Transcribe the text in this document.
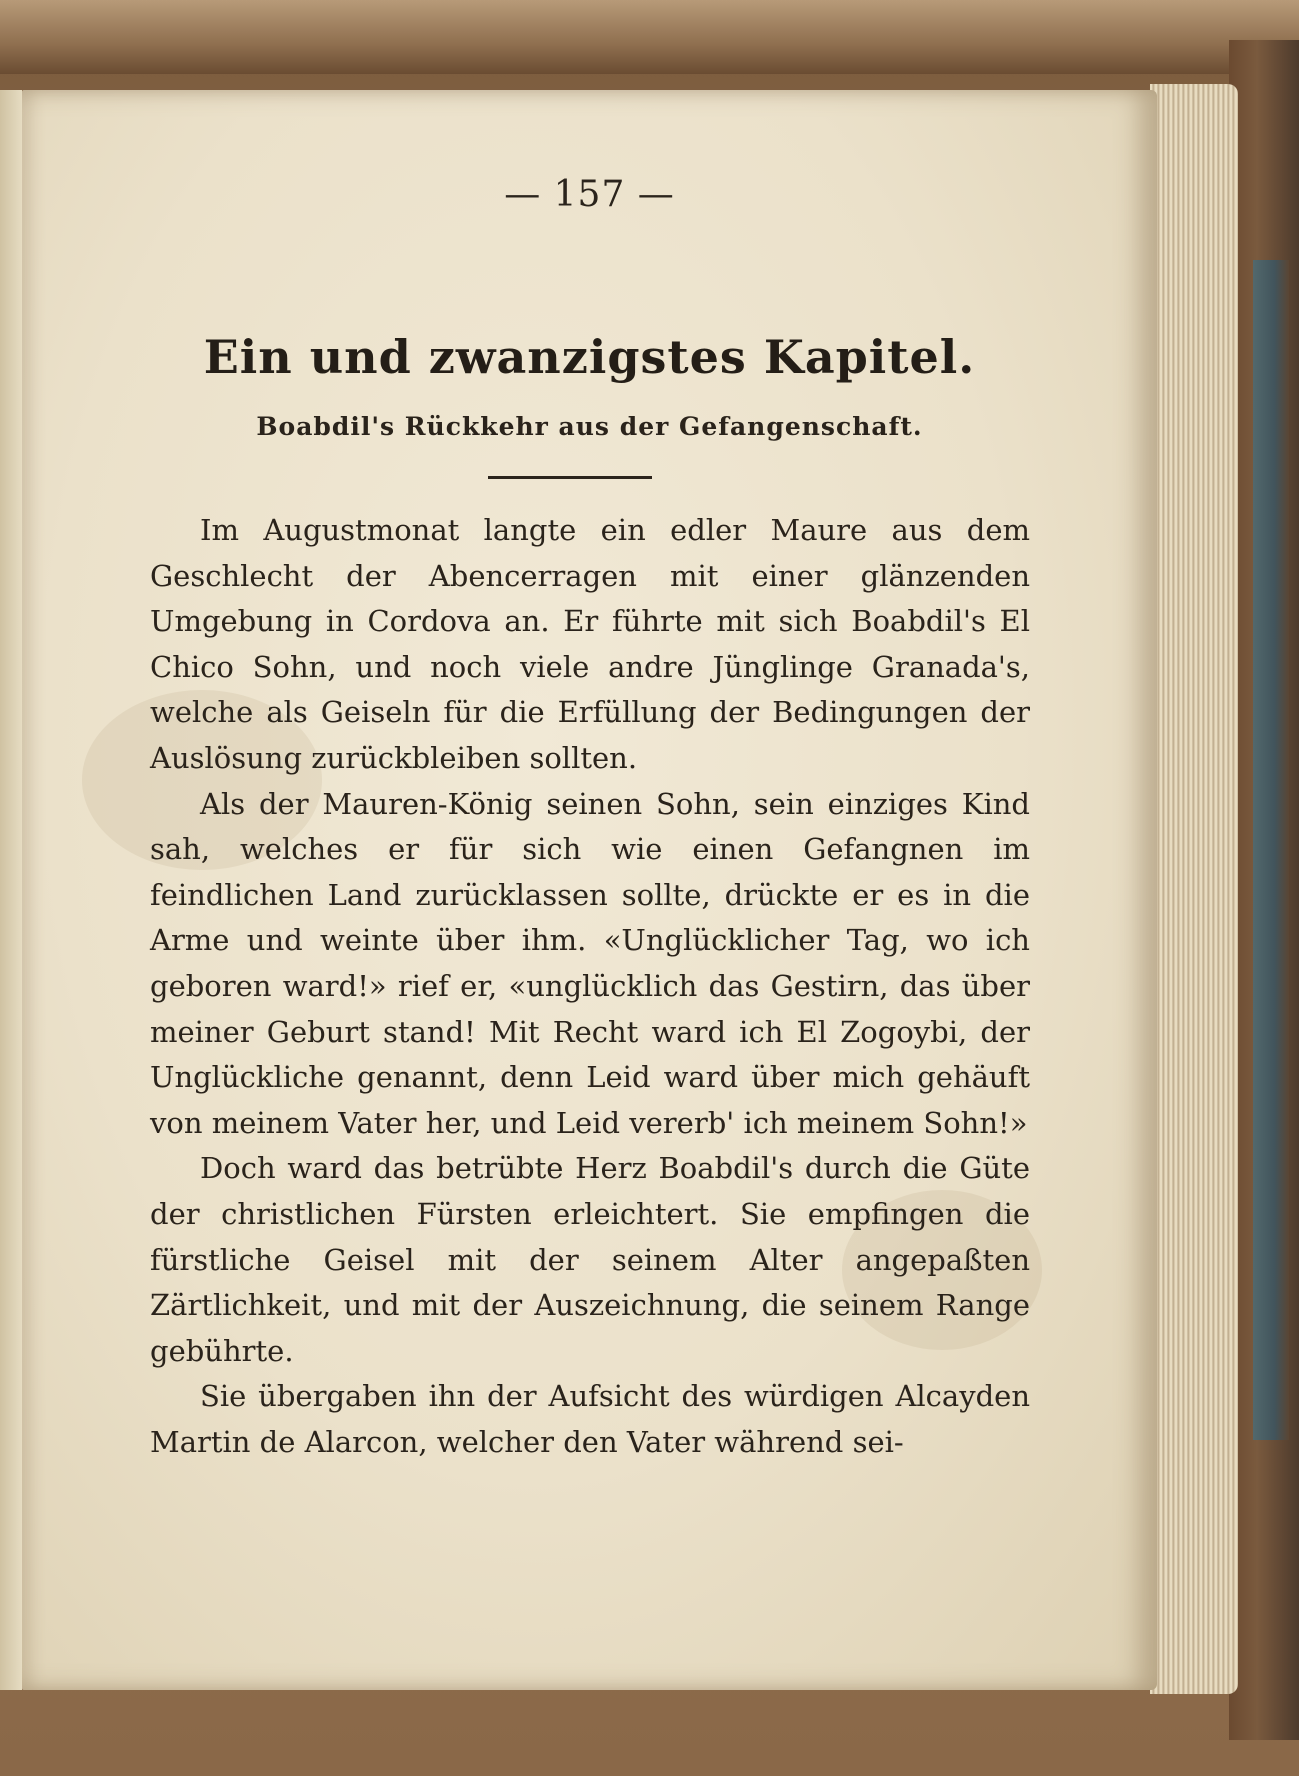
— 157 —
Ein und zwanzigstes Kapitel.
Boabdil's Rückkehr aus der Gefangenschaft.

Im Augustmonat langte ein edler Maure aus dem Geschlecht der Abencerragen mit einer glänzenden Umgebung in Cordova an. Er führte mit sich Boabdil's El Chico Sohn, und noch viele andre Jünglinge Granada's, welche als Geiseln für die Erfüllung der Bedingungen der Auslösung zurückbleiben sollten.

Als der Mauren-König seinen Sohn, sein einziges Kind sah, welches er für sich wie einen Gefangnen im feindlichen Land zurücklassen sollte, drückte er es in die Arme und weinte über ihm. «Unglücklicher Tag, wo ich geboren ward!» rief er, «unglücklich das Gestirn, das über meiner Geburt stand! Mit Recht ward ich El Zogoybi, der Unglückliche genannt, denn Leid ward über mich gehäuft von meinem Vater her, und Leid vererb' ich meinem Sohn!»

Doch ward das betrübte Herz Boabdil's durch die Güte der christlichen Fürsten erleichtert. Sie empfingen die fürstliche Geisel mit der seinem Alter angepaßten Zärtlichkeit, und mit der Auszeichnung, die seinem Range gebührte.

Sie übergaben ihn der Aufsicht des würdigen Alcayden Martin de Alarcon, welcher den Vater während sei-
